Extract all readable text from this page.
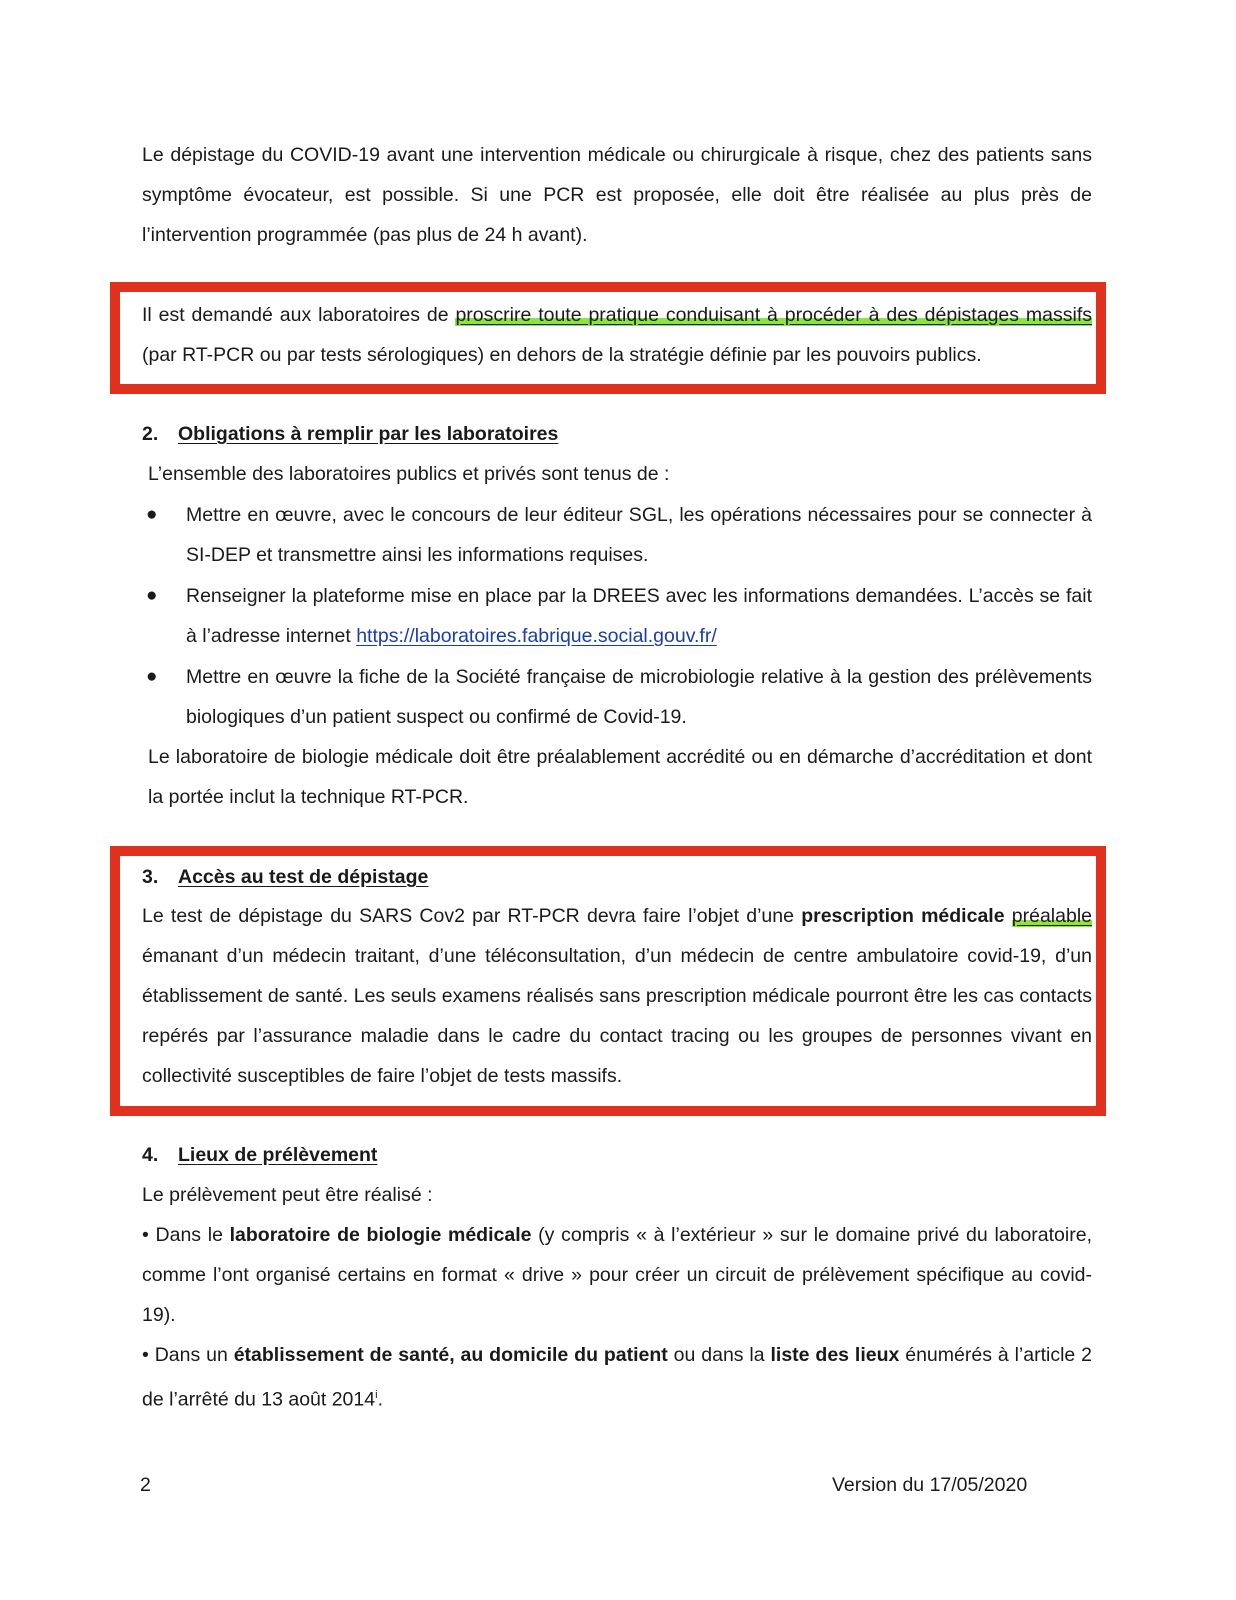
Le dépistage du COVID-19 avant une intervention médicale ou chirurgicale à risque, chez des patients sans symptôme évocateur, est possible. Si une PCR est proposée, elle doit être réalisée au plus près de l’intervention programmée (pas plus de 24 h avant).

Il est demandé aux laboratoires de proscrire toute pratique conduisant à procéder à des dépistages massifs (par RT-PCR ou par tests sérologiques) en dehors de la stratégie définie par les pouvoirs publics.

2. Obligations à remplir par les laboratoires

L’ensemble des laboratoires publics et privés sont tenus de :

●	Mettre en œuvre, avec le concours de leur éditeur SGL, les opérations nécessaires pour se connecter à SI-DEP et transmettre ainsi les informations requises.

●	Renseigner la plateforme mise en place par la DREES avec les informations demandées. L’accès se fait à l’adresse internet https://laboratoires.fabrique.social.gouv.fr/

●	Mettre en œuvre la fiche de la Société française de microbiologie relative à la gestion des prélèvements biologiques d’un patient suspect ou confirmé de Covid-19.

Le laboratoire de biologie médicale doit être préalablement accrédité ou en démarche d’accréditation et dont la portée inclut la technique RT-PCR.

3. Accès au test de dépistage

Le test de dépistage du SARS Cov2 par RT-PCR devra faire l’objet d’une prescription médicale préalable émanant d’un médecin traitant, d’une téléconsultation, d’un médecin de centre ambulatoire covid-19, d’un établissement de santé. Les seuls examens réalisés sans prescription médicale pourront être les cas contacts repérés par l’assurance maladie dans le cadre du contact tracing ou les groupes de personnes vivant en collectivité susceptibles de faire l’objet de tests massifs.

4. Lieux de prélèvement

Le prélèvement peut être réalisé :

• Dans le laboratoire de biologie médicale (y compris « à l’extérieur » sur le domaine privé du laboratoire, comme l’ont organisé certains en format « drive » pour créer un circuit de prélèvement spécifique au covid-19).

• Dans un établissement de santé, au domicile du patient ou dans la liste des lieux énumérés à l’article 2 de l’arrêté du 13 août 2014$^i$.

2	Version du 17/05/2020
